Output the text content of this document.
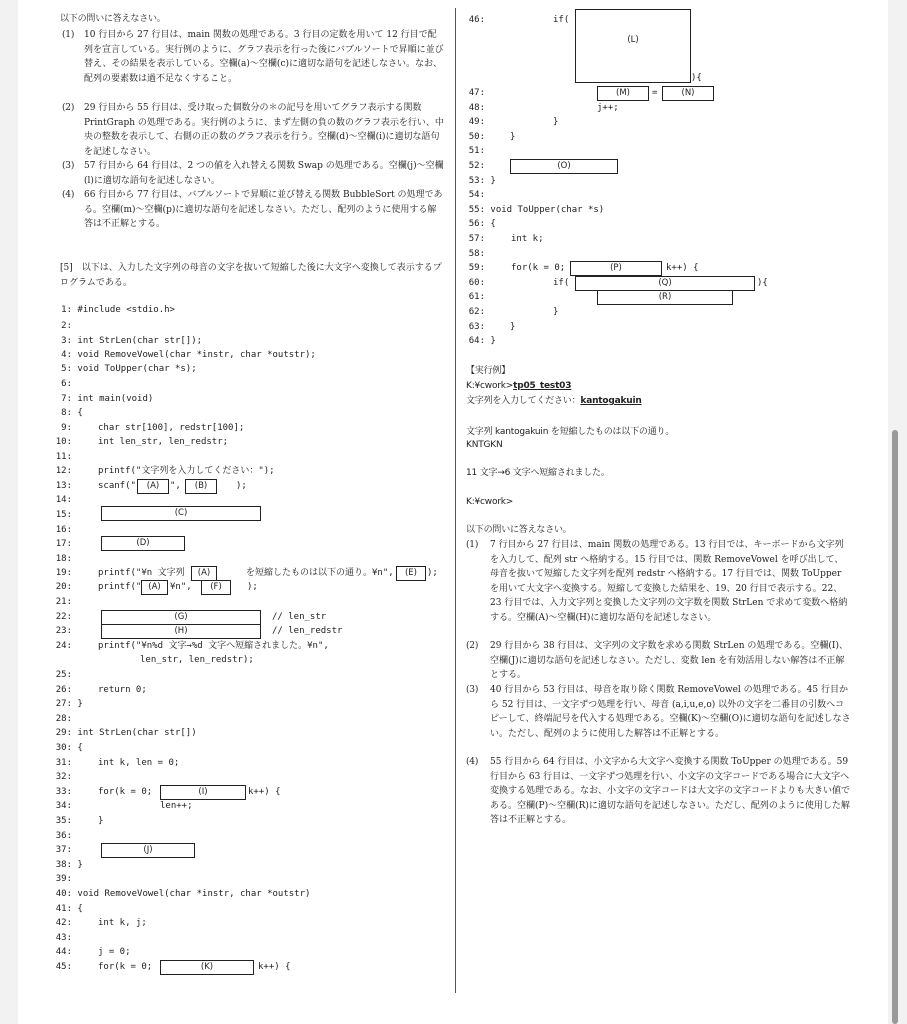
以下の問いに答えなさい。
(1) 10 行目から 27 行目は、main 関数の処理である。3 行目の定数を用いて 12 行目で配列を宣言している。実行例のように、グラフ表示を行った後にバブルソートで昇順に並び替え、その結果を表示している。空欄(a)～空欄(c)に適切な語句を記述しなさい。なお、配列の要素数は過不足なくすること。
(2) 29 行目から 55 行目は、受け取った個数分の＊の記号を用いてグラフ表示する関数 PrintGraph の処理である。実行例のように、まず左側の負の数のグラフ表示を行い、中央の整数を表示して、右側の正の数のグラフ表示を行う。空欄(d)～空欄(i)に適切な語句を記述しなさい。
(3) 57 行目から 64 行目は、2 つの値を入れ替える関数 Swap の処理である。空欄(j)～空欄(l)に適切な語句を記述しなさい。
(4) 66 行目から 77 行目は、バブルソートで昇順に並び替える関数 BubbleSort の処理である。空欄(m)～空欄(p)に適切な語句を記述しなさい。ただし、配列のように使用する解答は不正解とする。
[5]　以下は、入力した文字列の母音の文字を抜いて短縮した後に大文字へ変換して表示するプログラムである。
1: #include <stdio.h>
2:
3: int StrLen(char str[]);
4: void RemoveVowel(char *instr, char *outstr);
5: void ToUpper(char *s);
6:
7: int main(void)
8: {
9:	char str[100], redstr[100];
10:	int len_str, len_redstr;
11:
12:	printf("文字列を入力してください：");
13:	scanf("	",	);
14:
15:
16:
17:
18:
19:	printf("¥n 文字列	を短縮したものは以下の通り。¥n",	);
20:	printf("	¥n",	);
21:
22:	// len_str
23:	// len_redstr
24:	printf("¥n%d 文字→%d 文字へ短縮されました。¥n",
len_str, len_redstr);
25:
26:	return 0;
27: }
28:
29: int StrLen(char str[])
30: {
31:	int k, len = 0;
32:
33:	for(k = 0;	k++) {
34:	len++;
35:	}
36:
37:
38: }
39:
40: void RemoveVowel(char *instr, char *outstr)
41: {
42:	int k, j;
43:
44:	j = 0;
45:	for(k = 0;	k++) {
(A)	(B)
(C)
(D)
(A)	(E)
(A)	(F)
(G)
(H)
(I)
(J)
(K)
46:	if(
){
47:	=
48:	j++;
49:	}
50:	}
51:
52:
53: }
54:
55: void ToUpper(char *s)
56: {
57:	int k;
58:
59:	for(k = 0;	k++) {
60:	if(	){
61:
62:	}
63:	}
64: }
(L)
(M)	(N)
(O)
(P)
(Q)
(R)
【実行例】
K:¥cwork>tp05_test03
文字列を入力してください：kantogakuin
文字列 kantogakuin を短縮したものは以下の通り。
KNTGKN
11 文字→6 文字へ短縮されました。
K:¥cwork>
以下の問いに答えなさい。
(1) 7 行目から 27 行目は、main 関数の処理である。13 行目では、キーボードから文字列を入力して、配列 str へ格納する。15 行目では、関数 RemoveVowel を呼び出して、母音を抜いて短縮した文字列を配列 redstr へ格納する。17 行目では、関数 ToUpper を用いて大文字へ変換する。短縮して変換した結果を、19、20 行目で表示する。22、23 行目では、入力文字列と変換した文字列の文字数を関数 StrLen で求めて変数へ格納する。空欄(A)～空欄(H)に適切な語句を記述しなさい。
(2) 29 行目から 38 行目は、文字列の文字数を求める関数 StrLen の処理である。空欄(I)、空欄(J)に適切な語句を記述しなさい。ただし、変数 len を有効活用しない解答は不正解とする。
(3) 40 行目から 53 行目は、母音を取り除く関数 RemoveVowel の処理である。45 行目から 52 行目は、一文字ずつ処理を行い、母音 (a,i,u,e,o) 以外の文字を二番目の引数へコピーして、終端記号を代入する処理である。空欄(K)～空欄(O)に適切な語句を記述しなさい。ただし、配列のように使用した解答は不正解とする。
(4) 55 行目から 64 行目は、小文字から大文字へ変換する関数 ToUpper の処理である。59 行目から 63 行目は、一文字ずつ処理を行い、小文字の文字コードである場合に大文字へ変換する処理である。なお、小文字の文字コードは大文字の文字コードよりも大きい値である。空欄(P)～空欄(R)に適切な語句を記述しなさい。ただし、配列のように使用した解答は不正解とする。
